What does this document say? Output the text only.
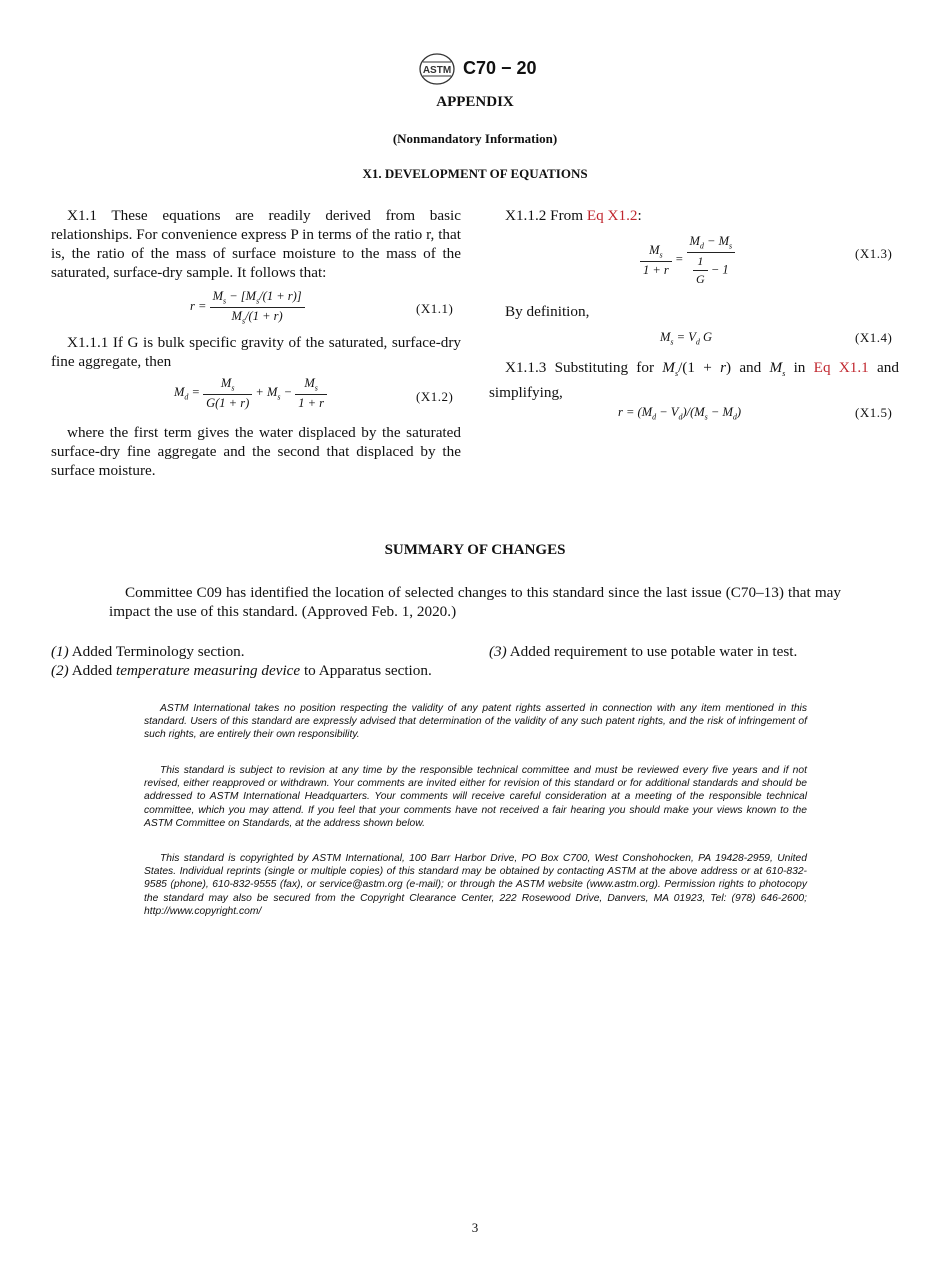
ASTM C70 − 20
APPENDIX
(Nonmandatory Information)
X1. DEVELOPMENT OF EQUATIONS
X1.1 These equations are readily derived from basic relationships. For convenience express P in terms of the ratio r, that is, the ratio of the mass of surface moisture to the mass of the saturated, surface-dry sample. It follows that:
$r = \frac{M_s - [M_s/(1 + r)]}{M_s/(1 + r)}$	(X1.1)
X1.1.1 If G is bulk specific gravity of the saturated, surface-dry fine aggregate, then
$M_d = \frac{M_s}{G(1 + r)} + M_s - \frac{M_s}{1 + r}$	(X1.2)
where the first term gives the water displaced by the saturated surface-dry fine aggregate and the second that displaced by the surface moisture.
X1.1.2 From Eq X1.2:
$\frac{M_s}{1 + r} = \frac{M_d - M_s}{\frac{1}{G} - 1}$	(X1.3)
By definition,
$M_s = V_d$ G	(X1.4)
X1.1.3 Substituting for $M_s/(1 + r)$ and $M_s$ in Eq X1.1 and simplifying,
$r = (M_d - V_d)/(M_s - M_d)$	(X1.5)
SUMMARY OF CHANGES
Committee C09 has identified the location of selected changes to this standard since the last issue (C70–13) that may impact the use of this standard. (Approved Feb. 1, 2020.)
(1) Added Terminology section.
(2) Added temperature measuring device to Apparatus section.
(3) Added requirement to use potable water in test.
ASTM International takes no position respecting the validity of any patent rights asserted in connection with any item mentioned in this standard. Users of this standard are expressly advised that determination of the validity of any such patent rights, and the risk of infringement of such rights, are entirely their own responsibility.
This standard is subject to revision at any time by the responsible technical committee and must be reviewed every five years and if not revised, either reapproved or withdrawn. Your comments are invited either for revision of this standard or for additional standards and should be addressed to ASTM International Headquarters. Your comments will receive careful consideration at a meeting of the responsible technical committee, which you may attend. If you feel that your comments have not received a fair hearing you should make your views known to the ASTM Committee on Standards, at the address shown below.
This standard is copyrighted by ASTM International, 100 Barr Harbor Drive, PO Box C700, West Conshohocken, PA 19428-2959, United States. Individual reprints (single or multiple copies) of this standard may be obtained by contacting ASTM at the above address or at 610-832-9585 (phone), 610-832-9555 (fax), or service@astm.org (e-mail); or through the ASTM website (www.astm.org). Permission rights to photocopy the standard may also be secured from the Copyright Clearance Center, 222 Rosewood Drive, Danvers, MA 01923, Tel: (978) 646-2600; http://www.copyright.com/
3
